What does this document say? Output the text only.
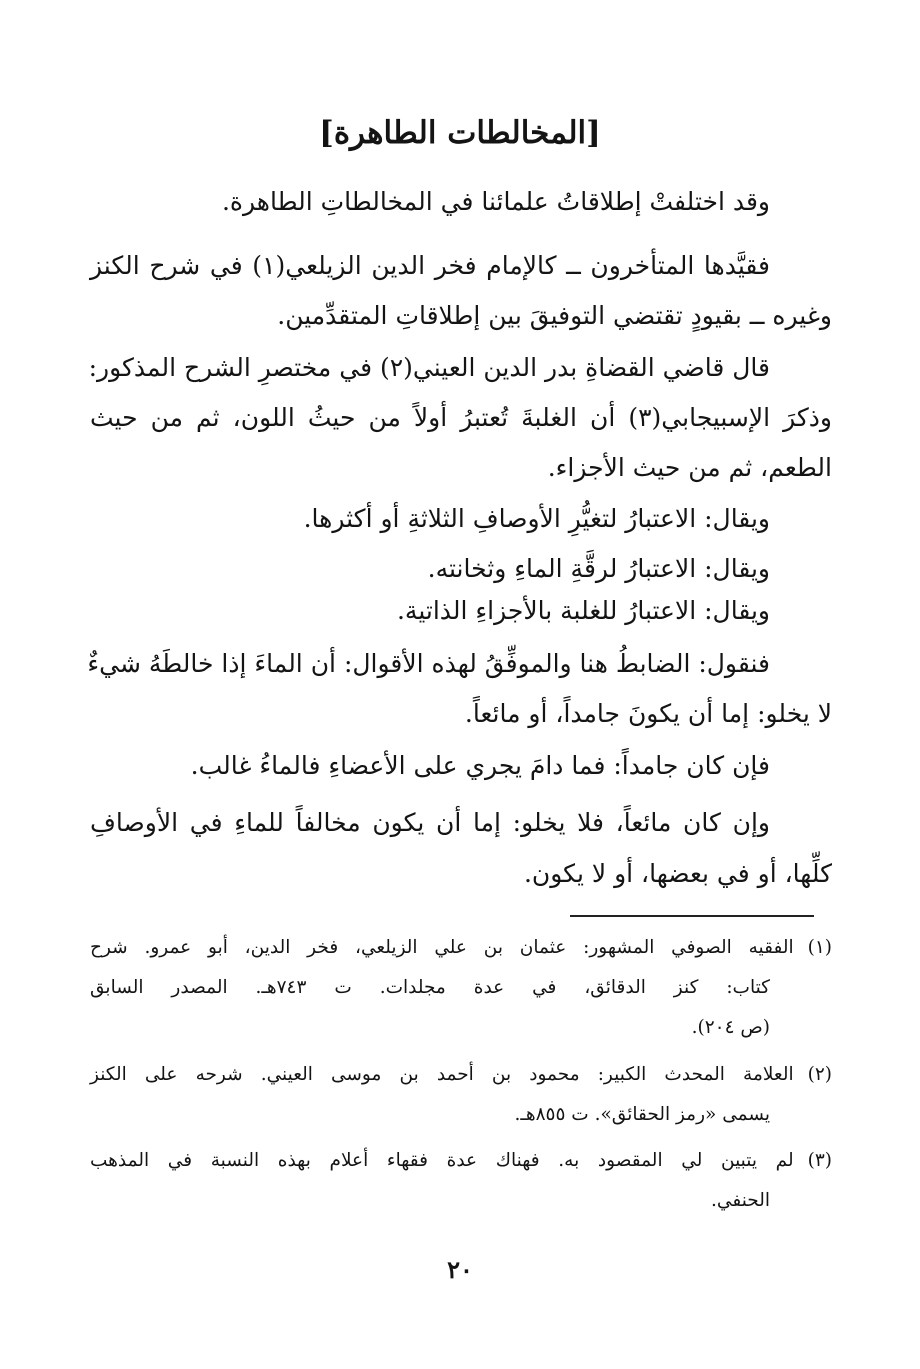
[المخالطات الطاهرة]
وقد اختلفتْ إطلاقاتُ علمائنا في المخالطاتِ الطاهرة.
فقيَّدها المتأخرون ــ كالإمام فخر الدين الزيلعي(١) في شرح الكنز
وغيره ــ بقيودٍ تقتضي التوفيقَ بين إطلاقاتِ المتقدِّمين.
قال قاضي القضاةِ بدر الدين العيني(٢) في مختصرِ الشرح المذكور:
وذكرَ الإسبيجابي(٣) أن الغلبةَ تُعتبرُ أولاً من حيثُ اللون، ثم من حيث
الطعم، ثم من حيث الأجزاء.
ويقال: الاعتبارُ لتغيُّرِ الأوصافِ الثلاثةِ أو أكثرها.
ويقال: الاعتبارُ لرقَّةِ الماءِ وثخانته.
ويقال: الاعتبارُ للغلبة بالأجزاءِ الذاتية.
فنقول: الضابطُ هنا والموفِّقُ لهذه الأقوال: أن الماءَ إذا خالطَهُ شيءٌ
لا يخلو: إما أن يكونَ جامداً، أو مائعاً.
فإن كان جامداً: فما دامَ يجري على الأعضاءِ فالماءُ غالب.
وإن كان مائعاً، فلا يخلو: إما أن يكون مخالفاً للماءِ في الأوصافِ
كلِّها، أو في بعضها، أو لا يكون.
(١)الفقيه الصوفي المشهور: عثمان بن علي الزيلعي، فخر الدين، أبو عمرو. شرح
كتاب: كنز الدقائق، في عدة مجلدات. ت ٧٤٣هـ. المصدر السابق
(ص ٢٠٤).
(٢)العلامة المحدث الكبير: محمود بن أحمد بن موسى العيني. شرحه على الكنز
يسمى «رمز الحقائق». ت ٨٥٥هـ.
(٣)لم يتبين لي المقصود به. فهناك عدة فقهاء أعلام بهذه النسبة في المذهب
الحنفي.
٢٠
